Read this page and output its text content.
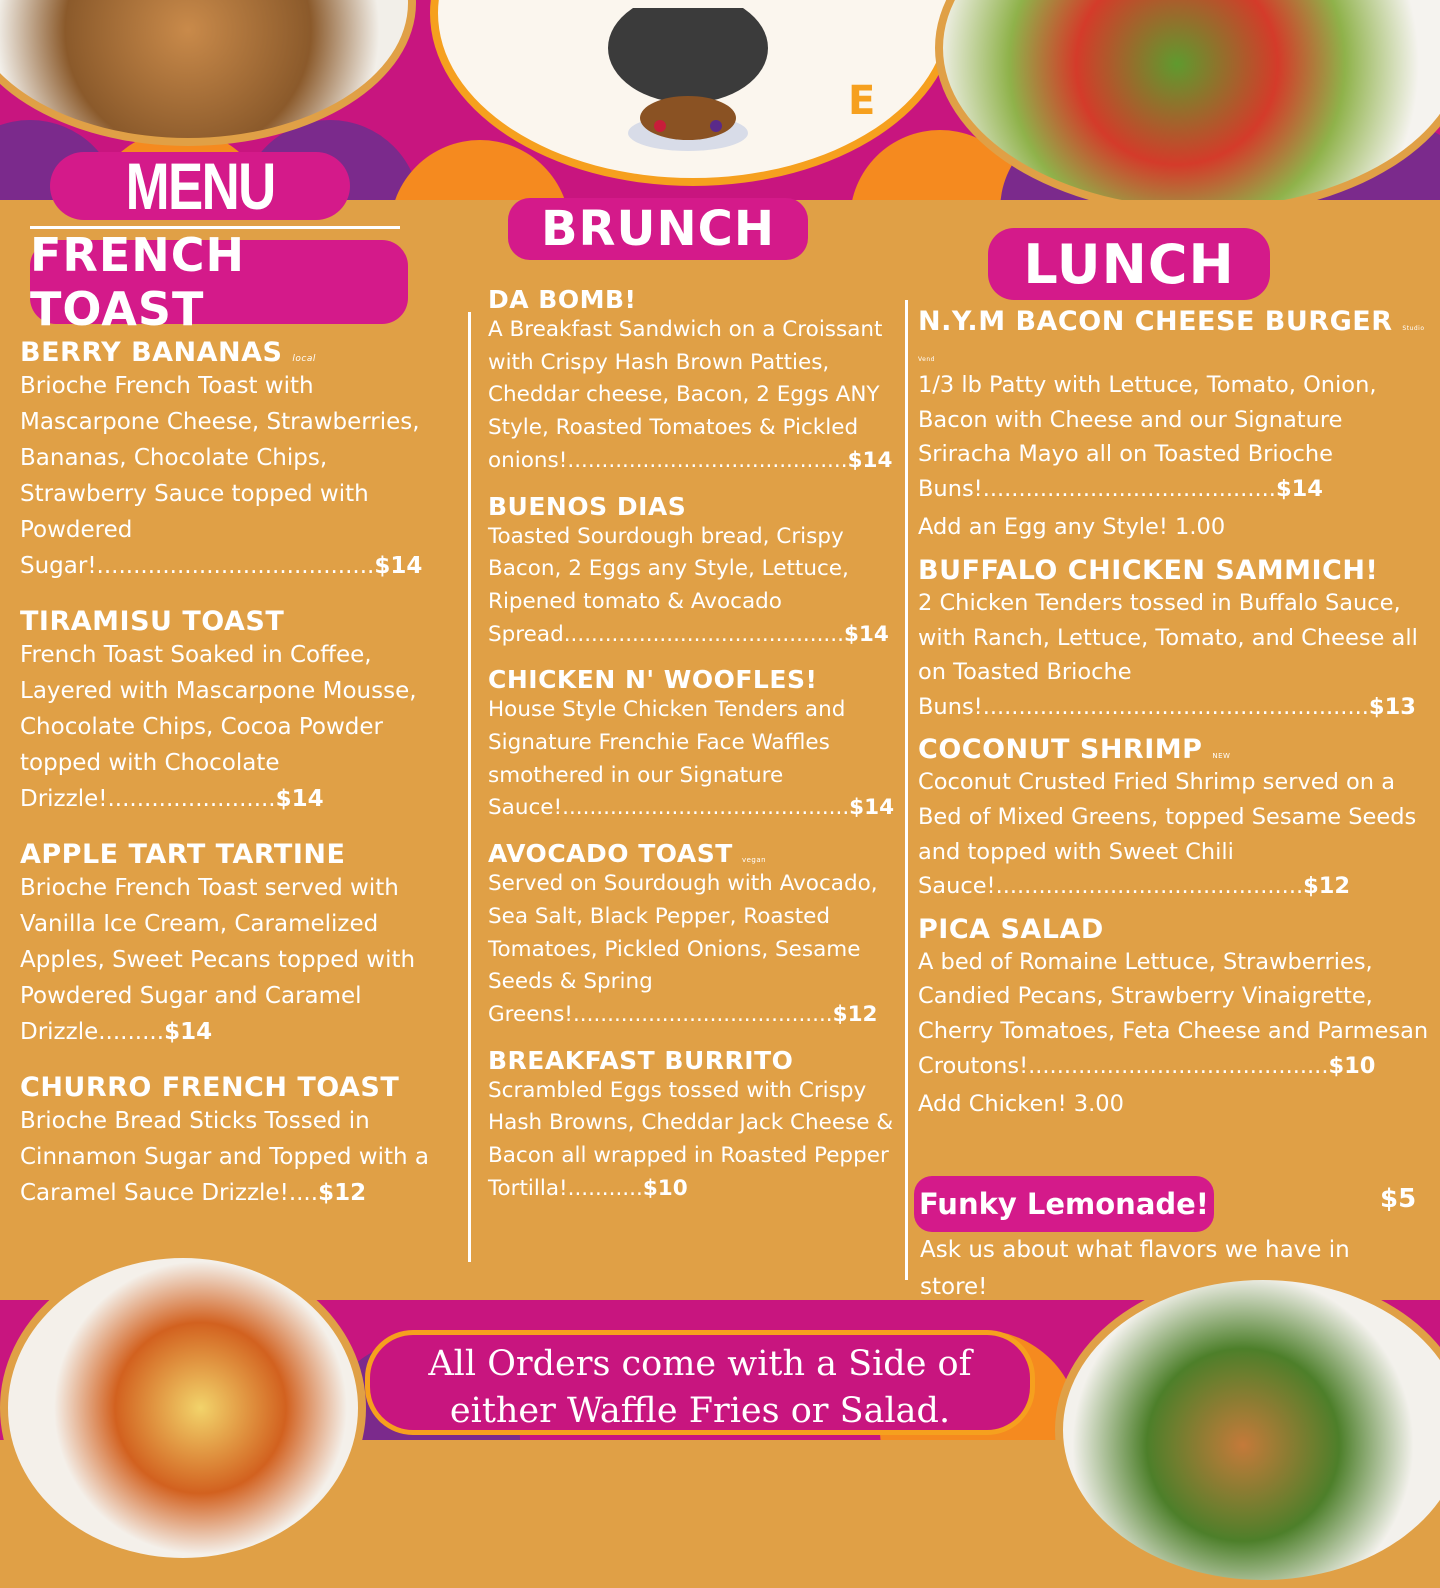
E
MENU
FRENCH TOAST
BERRY BANANAS local
Brioche French Toast with Mascarpone Cheese, Strawberries, Bananas, Chocolate Chips, Strawberry Sauce topped with Powdered Sugar!......................................$14
TIRAMISU TOAST
French Toast Soaked in Coffee, Layered with Mascarpone Mousse, Chocolate Chips, Cocoa Powder topped with Chocolate Drizzle!.......................$14
APPLE TART TARTINE
Brioche French Toast served with Vanilla Ice Cream, Caramelized Apples, Sweet Pecans topped with Powdered Sugar and Caramel Drizzle.........$14
CHURRO FRENCH TOAST
Brioche Bread Sticks Tossed in Cinnamon Sugar and Topped with a Caramel Sauce Drizzle!....$12
BRUNCH
DA BOMB!
A Breakfast Sandwich on a Croissant with Crispy Hash Brown Patties, Cheddar cheese, Bacon, 2 Eggs ANY Style, Roasted Tomatoes & Pickled onions!.........................................$14
BUENOS DIAS
Toasted Sourdough bread, Crispy Bacon, 2 Eggs any Style, Lettuce, Ripened tomato & Avocado Spread.........................................$14
CHICKEN N' WOOFLES!
House Style Chicken Tenders and Signature Frenchie Face Waffles smothered in our Signature Sauce!..........................................$14
AVOCADO TOAST vegan
Served on Sourdough with Avocado, Sea Salt, Black Pepper, Roasted Tomatoes, Pickled Onions, Sesame Seeds & Spring Greens!......................................$12
BREAKFAST BURRITO
Scrambled Eggs tossed with Crispy Hash Browns, Cheddar Jack Cheese & Bacon all wrapped in Roasted Pepper Tortilla!...........$10
LUNCH
N.Y.M BACON CHEESE BURGER Studio Vend
1/3 lb Patty with Lettuce, Tomato, Onion, Bacon with Cheese and our Signature Sriracha Mayo all on Toasted Brioche Buns!.........................................$14
Add an Egg any Style! 1.00
BUFFALO CHICKEN SAMMICH!
2 Chicken Tenders tossed in Buffalo Sauce, with Ranch, Lettuce, Tomato, and Cheese all on Toasted Brioche Buns!......................................................$13
COCONUT SHRIMP NEW
Coconut Crusted Fried Shrimp served on a Bed of Mixed Greens, topped Sesame Seeds and topped with Sweet Chili Sauce!...........................................$12
PICA SALAD
A bed of Romaine Lettuce, Strawberries, Candied Pecans, Strawberry Vinaigrette, Cherry Tomatoes, Feta Cheese and Parmesan Croutons!..........................................$10
Add Chicken! 3.00
Funky Lemonade!	$5
Ask us about what flavors we have in store!
All Orders come with a Side of either Waffle Fries or Salad.
